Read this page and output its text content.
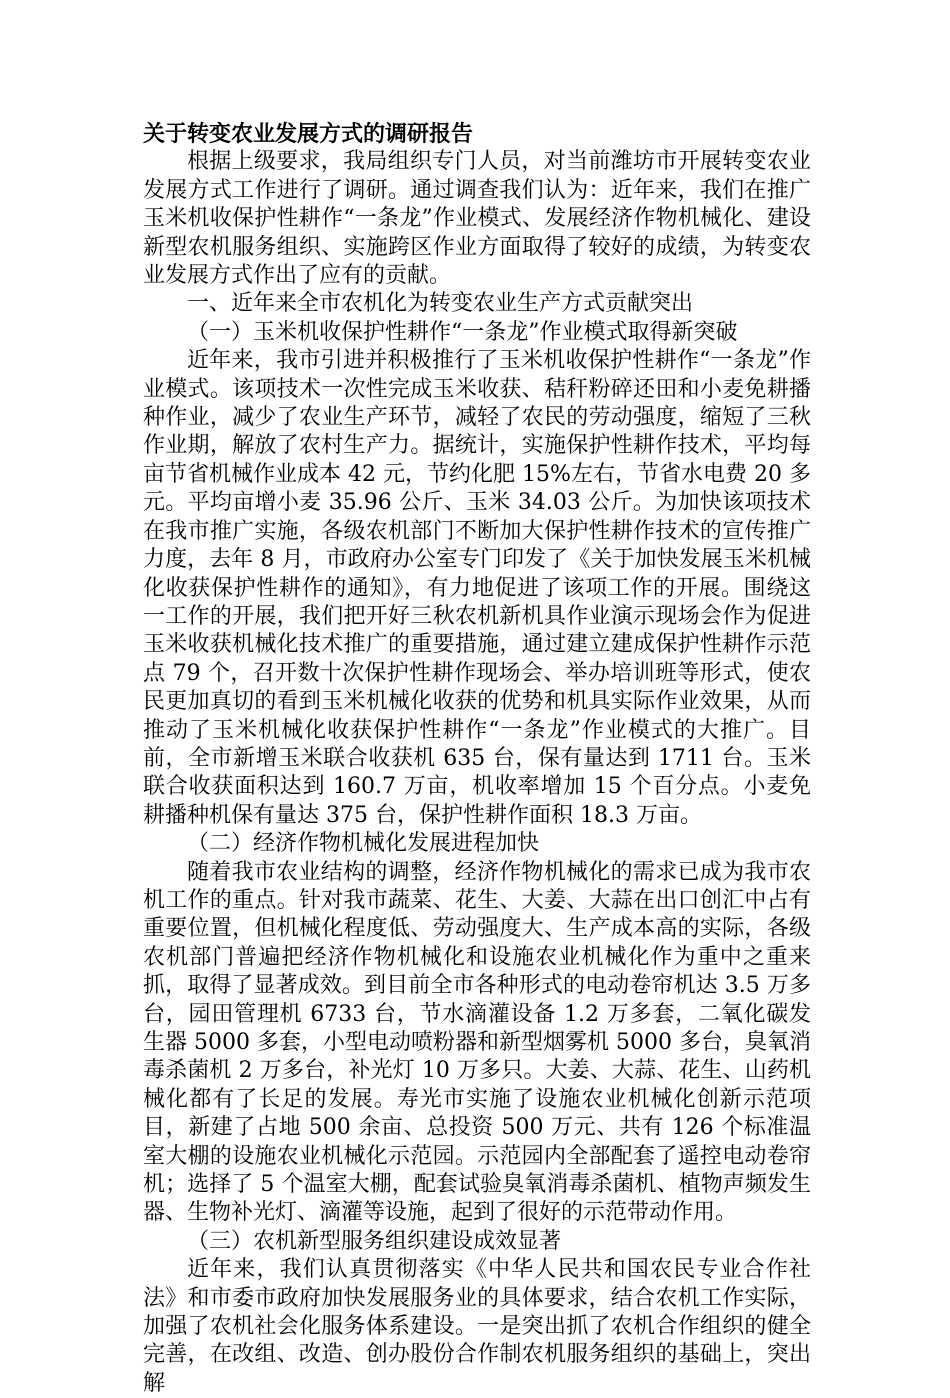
关于转变农业发展方式的调研报告

根据上级要求，我局组织专门人员，对当前潍坊市开展转变农业发展方式工作进行了调研。通过调查我们认为：近年来，我们在推广玉米机收保护性耕作“一条龙”作业模式、发展经济作物机械化、建设新型农机服务组织、实施跨区作业方面取得了较好的成绩，为转变农业发展方式作出了应有的贡献。

一、近年来全市农机化为转变农业生产方式贡献突出

（一）玉米机收保护性耕作“一条龙”作业模式取得新突破

近年来，我市引进并积极推行了玉米机收保护性耕作“一条龙”作业模式。该项技术一次性完成玉米收获、秸秆粉碎还田和小麦免耕播种作业，减少了农业生产环节，减轻了农民的劳动强度，缩短了三秋作业期，解放了农村生产力。据统计，实施保护性耕作技术，平均每亩节省机械作业成本 42 元，节约化肥 15%左右，节省水电费 20 多元。平均亩增小麦 35.96 公斤、玉米 34.03 公斤。为加快该项技术在我市推广实施，各级农机部门不断加大保护性耕作技术的宣传推广力度，去年 8 月，市政府办公室专门印发了《关于加快发展玉米机械化收获保护性耕作的通知》，有力地促进了该项工作的开展。围绕这一工作的开展，我们把开好三秋农机新机具作业演示现场会作为促进玉米收获机械化技术推广的重要措施，通过建立建成保护性耕作示范点 79 个，召开数十次保护性耕作现场会、举办培训班等形式，使农民更加真切的看到玉米机械化收获的优势和机具实际作业效果，从而推动了玉米机械化收获保护性耕作“一条龙”作业模式的大推广。目前，全市新增玉米联合收获机 635 台，保有量达到 1711 台。玉米联合收获面积达到 160.7 万亩，机收率增加 15 个百分点。小麦免耕播种机保有量达 375 台，保护性耕作面积 18.3 万亩。

（二）经济作物机械化发展进程加快

随着我市农业结构的调整，经济作物机械化的需求已成为我市农机工作的重点。针对我市蔬菜、花生、大姜、大蒜在出口创汇中占有重要位置，但机械化程度低、劳动强度大、生产成本高的实际，各级农机部门普遍把经济作物机械化和设施农业机械化作为重中之重来抓，取得了显著成效。到目前全市各种形式的电动卷帘机达 3.5 万多台，园田管理机 6733 台，节水滴灌设备 1.2 万多套，二氧化碳发生器 5000 多套，小型电动喷粉器和新型烟雾机 5000 多台，臭氧消毒杀菌机 2 万多台，补光灯 10 万多只。大姜、大蒜、花生、山药机械化都有了长足的发展。寿光市实施了设施农业机械化创新示范项目，新建了占地 500 余亩、总投资 500 万元、共有 126 个标准温室大棚的设施农业机械化示范园。示范园内全部配套了遥控电动卷帘机；选择了 5 个温室大棚，配套试验臭氧消毒杀菌机、植物声频发生器、生物补光灯、滴灌等设施，起到了很好的示范带动作用。

（三）农机新型服务组织建设成效显著

近年来，我们认真贯彻落实《中华人民共和国农民专业合作社法》和市委市政府加快发展服务业的具体要求，结合农机工作实际，加强了农机社会化服务体系建设。一是突出抓了农机合作组织的健全完善，在改组、改造、创办股份合作制农机服务组织的基础上，突出解
